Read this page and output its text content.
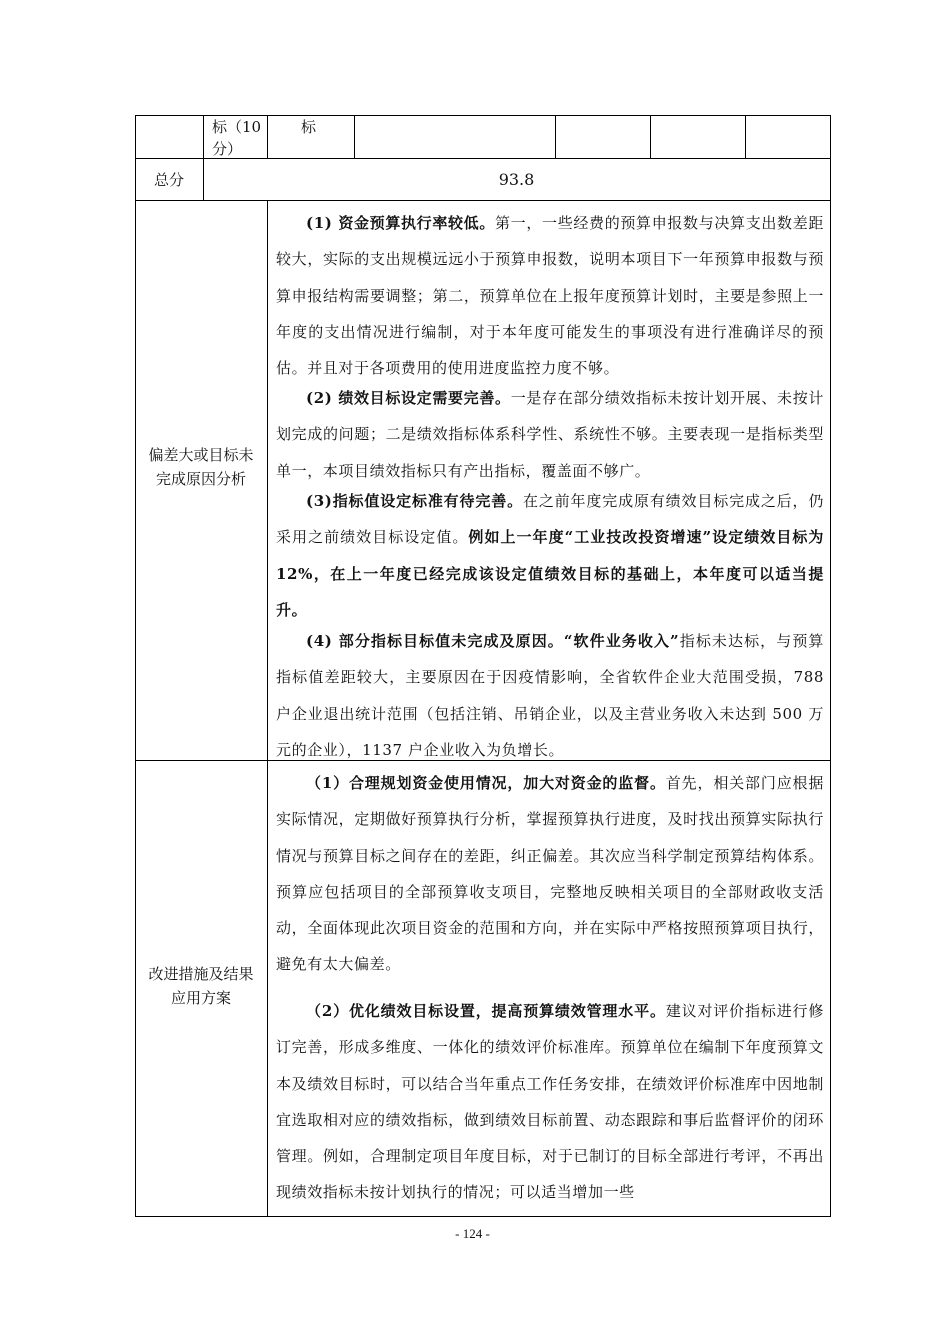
标（10分）
标
总分	93.8
偏差大或目标未完成原因分析
(1) 资金预算执行率较低。第一，一些经费的预算申报数与决算支出数差距较大，实际的支出规模远远小于预算申报数，说明本项目下一年预算申报数与预算申报结构需要调整；第二，预算单位在上报年度预算计划时，主要是参照上一年度的支出情况进行编制，对于本年度可能发生的事项没有进行准确详尽的预估。并且对于各项费用的使用进度监控力度不够。
(2) 绩效目标设定需要完善。一是存在部分绩效指标未按计划开展、未按计划完成的问题；二是绩效指标体系科学性、系统性不够。主要表现一是指标类型单一，本项目绩效指标只有产出指标，覆盖面不够广。
(3)指标值设定标准有待完善。在之前年度完成原有绩效目标完成之后，仍采用之前绩效目标设定值。例如上一年度“工业技改投资增速”设定绩效目标为 12%，在上一年度已经完成该设定值绩效目标的基础上，本年度可以适当提升。
(4) 部分指标目标值未完成及原因。“软件业务收入”指标未达标，与预算指标值差距较大，主要原因在于因疫情影响，全省软件企业大范围受损，788 户企业退出统计范围（包括注销、吊销企业，以及主营业务收入未达到 500 万元的企业），1137 户企业收入为负增长。
改进措施及结果应用方案
（1）合理规划资金使用情况，加大对资金的监督。首先，相关部门应根据实际情况，定期做好预算执行分析，掌握预算执行进度，及时找出预算实际执行情况与预算目标之间存在的差距，纠正偏差。其次应当科学制定预算结构体系。预算应包括项目的全部预算收支项目，完整地反映相关项目的全部财政收支活动，全面体现此次项目资金的范围和方向，并在实际中严格按照预算项目执行，避免有太大偏差。
（2）优化绩效目标设置，提高预算绩效管理水平。建议对评价指标进行修订完善，形成多维度、一体化的绩效评价标准库。预算单位在编制下年度预算文本及绩效目标时，可以结合当年重点工作任务安排，在绩效评价标准库中因地制宜选取相对应的绩效指标，做到绩效目标前置、动态跟踪和事后监督评价的闭环管理。例如，合理制定项目年度目标，对于已制订的目标全部进行考评，不再出现绩效指标未按计划执行的情况；可以适当增加一些
- 124 -
